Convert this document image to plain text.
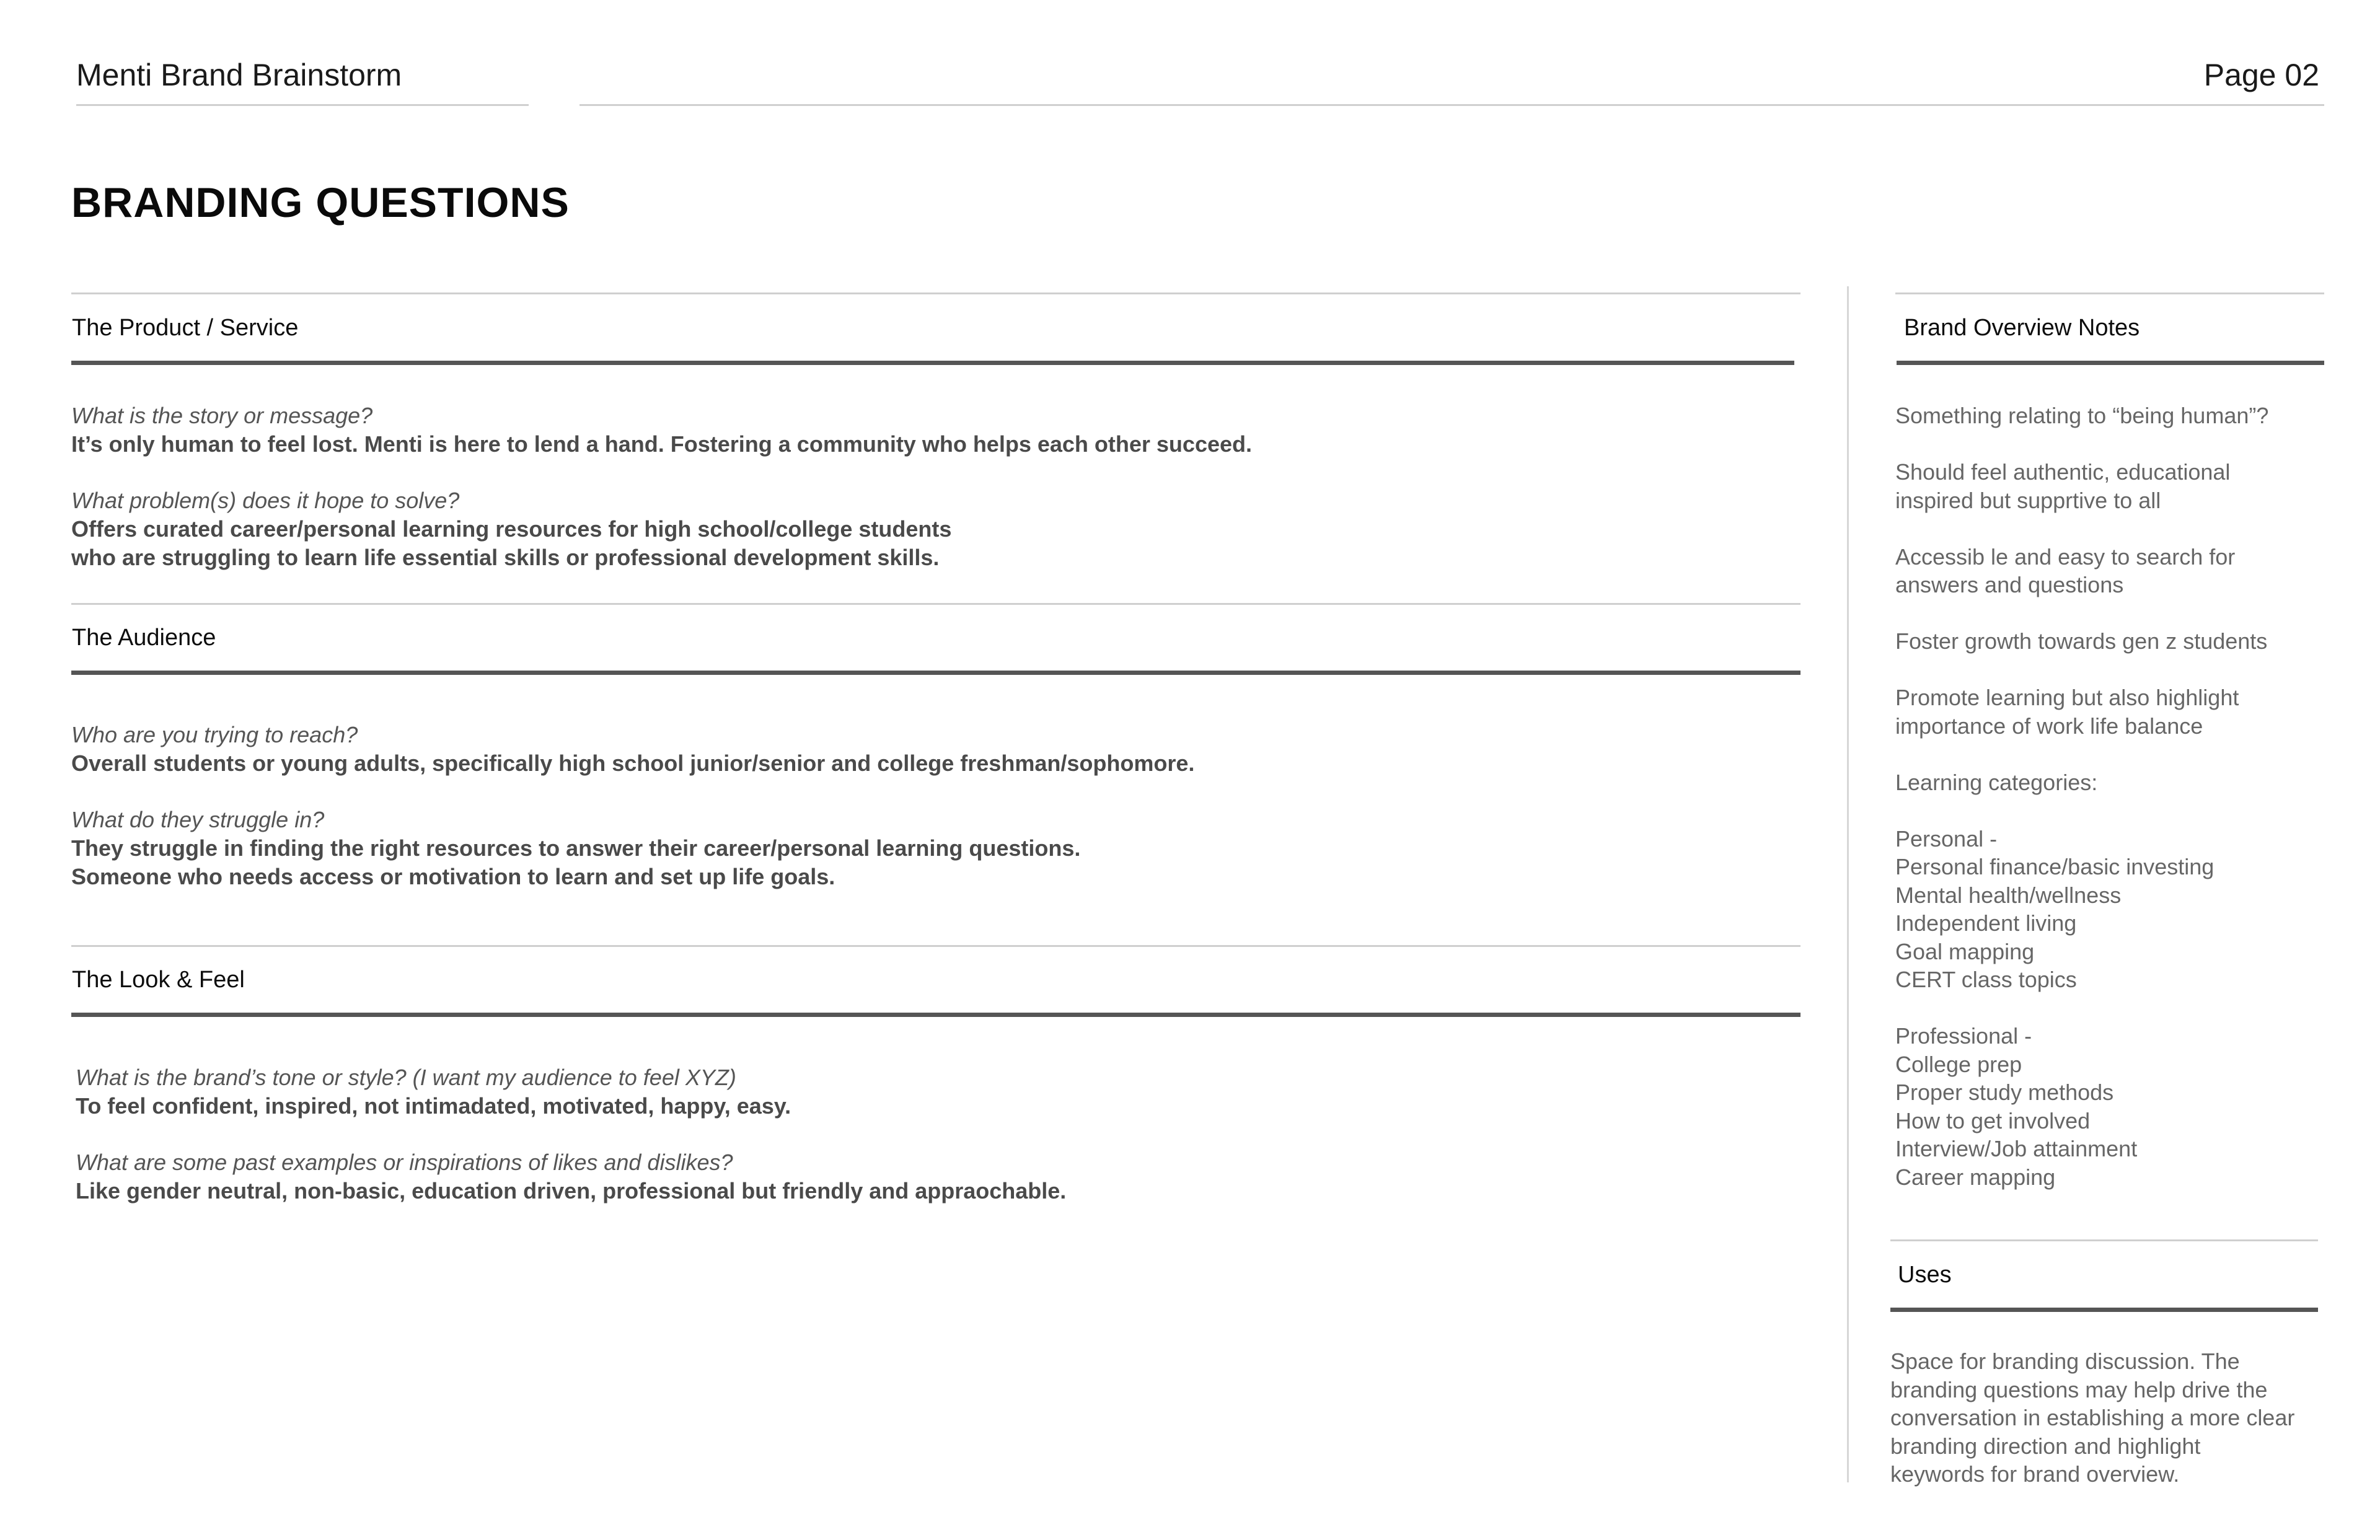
Menti Brand Brainstorm	Page 02
BRANDING QUESTIONS
The Product / Service
What is the story or message?
It’s only human to feel lost. Menti is here to lend a hand. Fostering a community who helps each other succeed.
What problem(s) does it hope to solve?
Offers curated career/personal learning resources for high school/college students
who are struggling to learn life essential skills or professional development skills.
The Audience
Who are you trying to reach?
Overall students or young adults, specifically high school junior/senior and college freshman/sophomore.
What do they struggle in?
They struggle in finding the right resources to answer their career/personal learning questions.
Someone who needs access or motivation to learn and set up life goals.
The Look & Feel
What is the brand’s tone or style? (I want my audience to feel XYZ)
To feel confident, inspired, not intimadated, motivated, happy, easy.
What are some past examples or inspirations of likes and dislikes?
Like gender neutral, non-basic, education driven, professional but friendly and appraochable.
Brand Overview Notes
Something relating to “being human”?
Should feel authentic, educational
inspired but supprtive to all
Accessib le and easy to search for
answers and questions
Foster growth towards gen z students
Promote learning but also highlight
importance of work life balance
Learning categories:
Personal -
Personal finance/basic investing
Mental health/wellness
Independent living
Goal mapping
CERT class topics
Professional -
College prep
Proper study methods
How to get involved
Interview/Job attainment
Career mapping
Uses
Space for branding discussion. The
branding questions may help drive the
conversation in establishing a more clear
branding direction and highlight
keywords for brand overview.
